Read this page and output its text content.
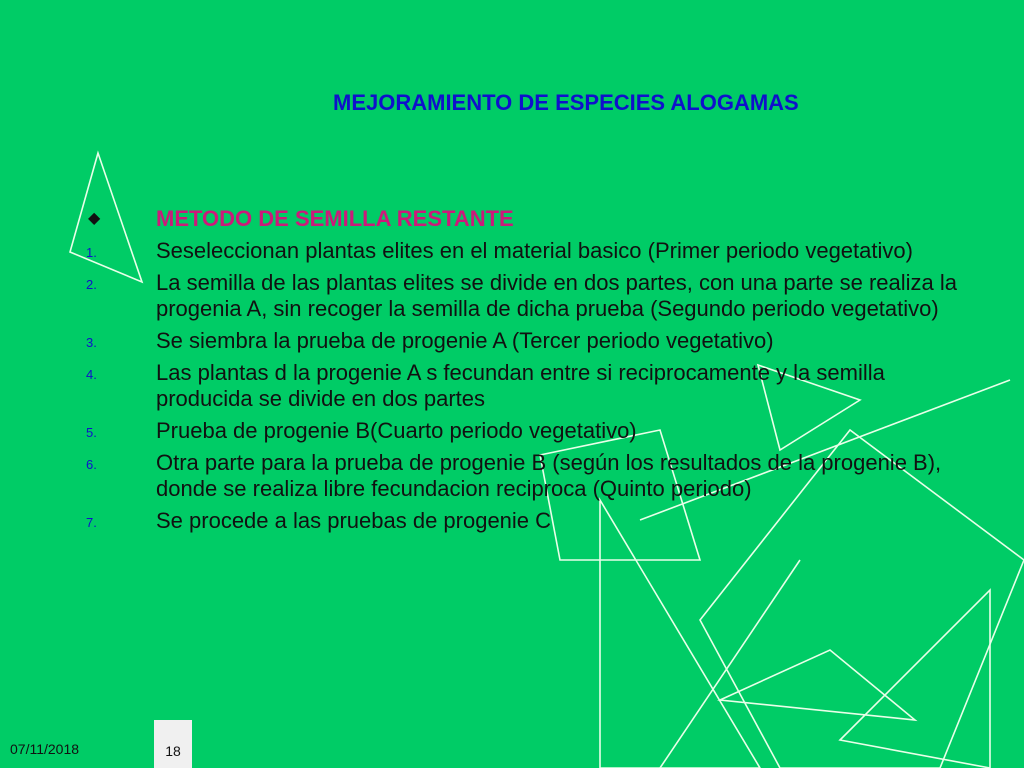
MEJORAMIENTO DE ESPECIES ALOGAMAS
◆	METODO DE SEMILLA RESTANTE
1.	Seseleccionan plantas elites en el material basico (Primer periodo vegetativo)
2.	La semilla de las plantas elites se divide en dos partes, con una parte se realiza la progenia A, sin recoger la semilla de dicha prueba (Segundo periodo vegetativo)
3.	Se siembra la prueba de progenie A (Tercer periodo vegetativo)
4.	Las plantas d la progenie A s fecundan entre si reciprocamente y la semilla producida se divide en dos partes
5.	Prueba de progenie B(Cuarto periodo vegetativo)
6.	Otra parte para la prueba de progenie B (según los resultados de la progenie B), donde se realiza libre fecundacion reciproca (Quinto periodo)
7.	Se procede a las pruebas de progenie C
07/11/2018	18
